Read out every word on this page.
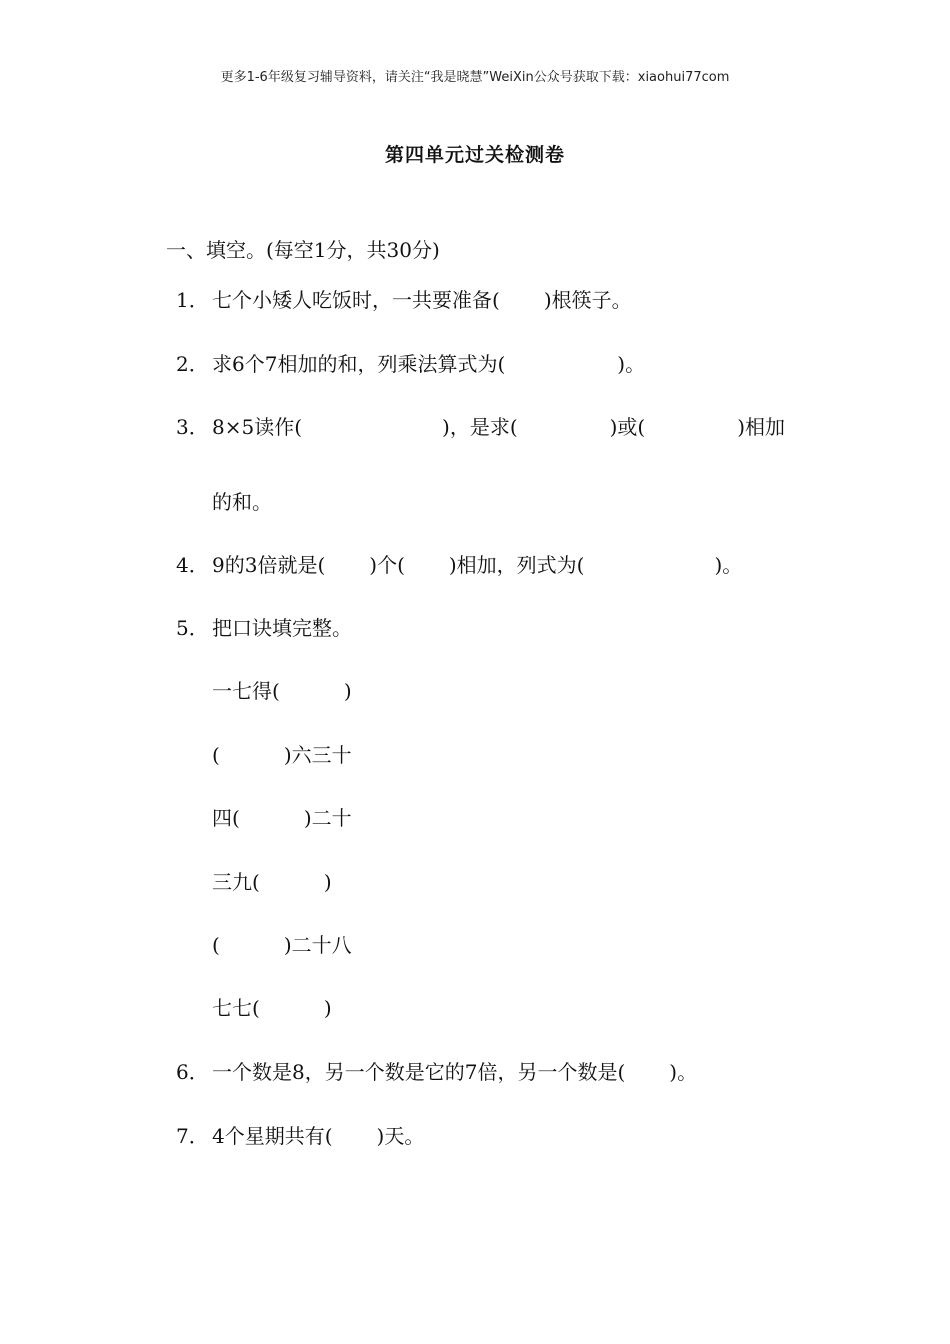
更多1-6年级复习辅导资料，请关注“我是晓慧”WeiXin公众号获取下载：xiaohui77com
第四单元过关检测卷
一、填空。(每空1分，共30分)
1． 七个小矮人吃饭时，一共要准备( )根筷子。
2． 求6个7相加的和，列乘法算式为(	)。
3． 8×5读作(	)，是求(	)或(	)相加
的和。
4． 9的3倍就是( )个( )相加，列式为(	)。
5． 把口诀填完整。
一七得(	)
(	)六三十
四(	)二十
三九(	)
(	)二十八
七七(	)
6． 一个数是8，另一个数是它的7倍，另一个数是( )。
7． 4个星期共有( )天。
